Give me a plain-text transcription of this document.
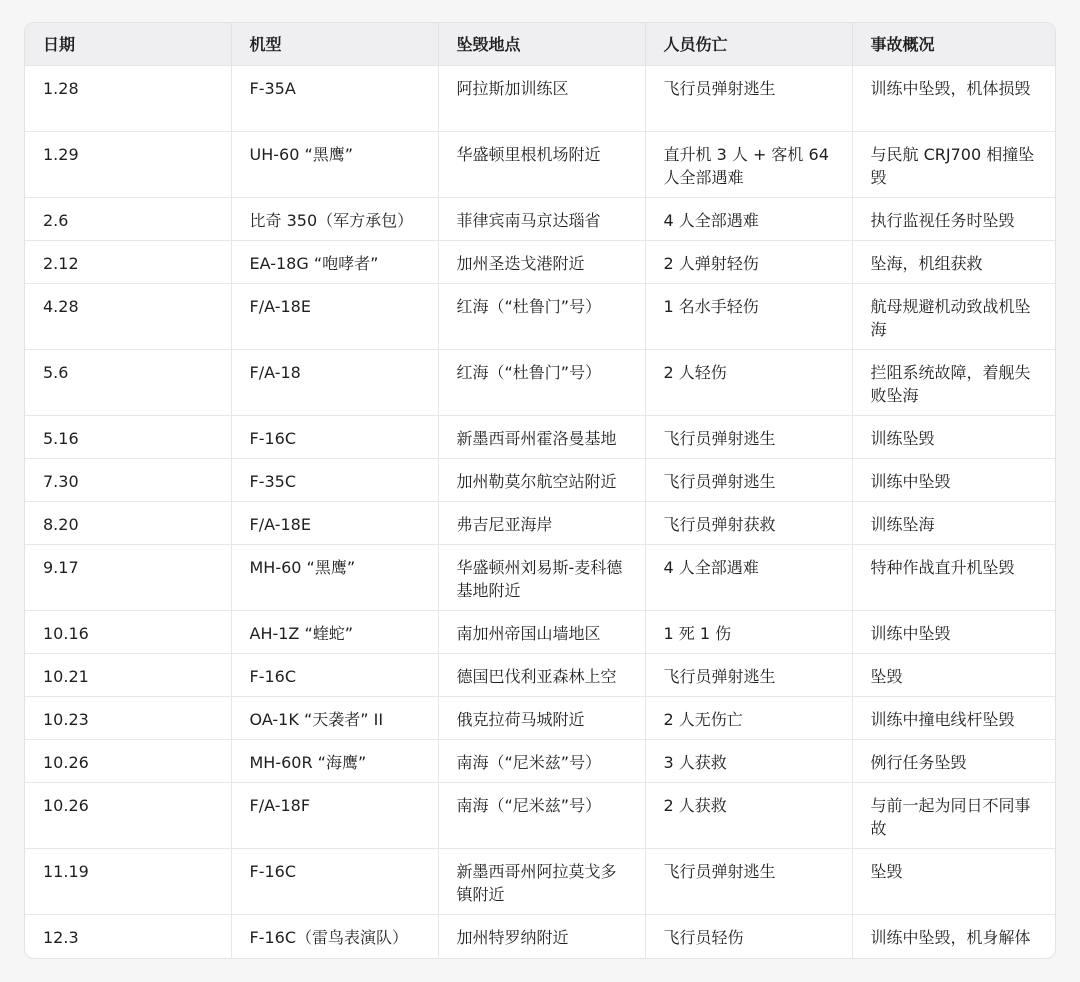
日期	机型	坠毁地点	人员伤亡	事故概况
1.28	F-35A	阿拉斯加训练区	飞行员弹射逃生	训练中坠毁，机体损毁
1.29	UH-60 “黑鹰”	华盛顿里根机场附近	直升机 3 人 + 客机 64 人全部遇难	与民航 CRJ700 相撞坠毁
2.6	比奇 350（军方承包）	菲律宾南马京达瑙省	4 人全部遇难	执行监视任务时坠毁
2.12	EA-18G “咆哮者”	加州圣迭戈港附近	2 人弹射轻伤	坠海，机组获救
4.28	F/A-18E	红海（“杜鲁门”号）	1 名水手轻伤	航母规避机动致战机坠海
5.6	F/A-18	红海（“杜鲁门”号）	2 人轻伤	拦阻系统故障，着舰失败坠海
5.16	F-16C	新墨西哥州霍洛曼基地	飞行员弹射逃生	训练坠毁
7.30	F-35C	加州勒莫尔航空站附近	飞行员弹射逃生	训练中坠毁
8.20	F/A-18E	弗吉尼亚海岸	飞行员弹射获救	训练坠海
9.17	MH-60 “黑鹰”	华盛顿州刘易斯-麦科德基地附近	4 人全部遇难	特种作战直升机坠毁
10.16	AH-1Z “蝰蛇”	南加州帝国山墙地区	1 死 1 伤	训练中坠毁
10.21	F-16C	德国巴伐利亚森林上空	飞行员弹射逃生	坠毁
10.23	OA-1K “天袭者” II	俄克拉荷马城附近	2 人无伤亡	训练中撞电线杆坠毁
10.26	MH-60R “海鹰”	南海（“尼米兹”号）	3 人获救	例行任务坠毁
10.26	F/A-18F	南海（“尼米兹”号）	2 人获救	与前一起为同日不同事故
11.19	F-16C	新墨西哥州阿拉莫戈多镇附近	飞行员弹射逃生	坠毁
12.3	F-16C（雷鸟表演队）	加州特罗纳附近	飞行员轻伤	训练中坠毁，机身解体
